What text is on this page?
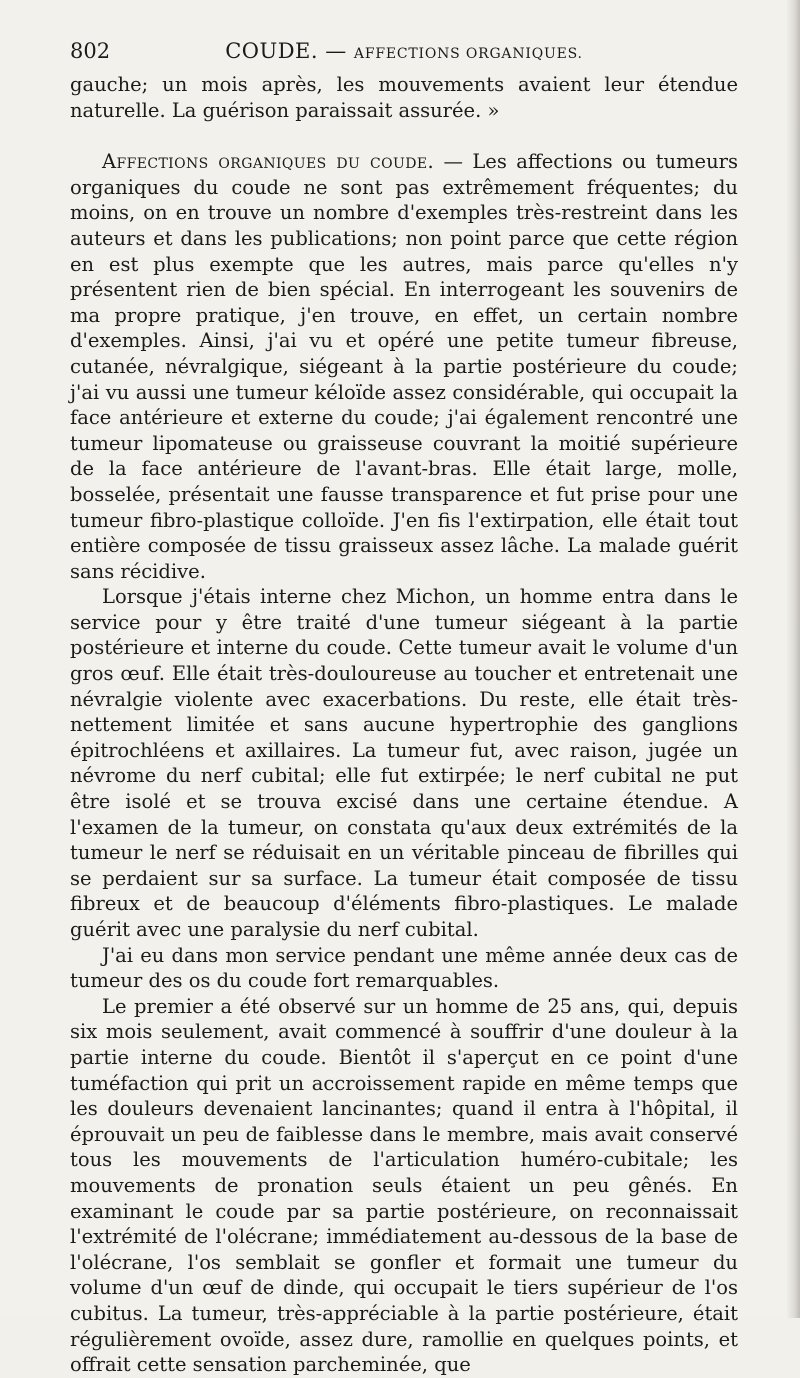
802	COUDE. — AFFECTIONS ORGANIQUES.

gauche; un mois après, les mouvements avaient leur étendue naturelle. La guérison paraissait assurée. »

Affections organiques du coude. — Les affections ou tumeurs organiques du coude ne sont pas extrêmement fréquentes; du moins, on en trouve un nombre d'exemples très-restreint dans les auteurs et dans les publications; non point parce que cette région en est plus exempte que les autres, mais parce qu'elles n'y présentent rien de bien spécial. En interrogeant les souvenirs de ma propre pratique, j'en trouve, en effet, un certain nombre d'exemples. Ainsi, j'ai vu et opéré une petite tumeur fibreuse, cutanée, névralgique, siégeant à la partie postérieure du coude; j'ai vu aussi une tumeur kéloïde assez considérable, qui occupait la face antérieure et externe du coude; j'ai également rencontré une tumeur lipomateuse ou graisseuse couvrant la moitié supérieure de la face antérieure de l'avant-bras. Elle était large, molle, bosselée, présentait une fausse transparence et fut prise pour une tumeur fibro-plastique colloïde. J'en fis l'extirpation, elle était tout entière composée de tissu graisseux assez lâche. La malade guérit sans récidive.

Lorsque j'étais interne chez Michon, un homme entra dans le service pour y être traité d'une tumeur siégeant à la partie postérieure et interne du coude. Cette tumeur avait le volume d'un gros œuf. Elle était très-douloureuse au toucher et entretenait une névralgie violente avec exacerbations. Du reste, elle était très-nettement limitée et sans aucune hypertrophie des ganglions épitrochléens et axillaires. La tumeur fut, avec raison, jugée un névrome du nerf cubital; elle fut extirpée; le nerf cubital ne put être isolé et se trouva excisé dans une certaine étendue. A l'examen de la tumeur, on constata qu'aux deux extrémités de la tumeur le nerf se réduisait en un véritable pinceau de fibrilles qui se perdaient sur sa surface. La tumeur était composée de tissu fibreux et de beaucoup d'éléments fibro-plastiques. Le malade guérit avec une paralysie du nerf cubital.

J'ai eu dans mon service pendant une même année deux cas de tumeur des os du coude fort remarquables.

Le premier a été observé sur un homme de 25 ans, qui, depuis six mois seulement, avait commencé à souffrir d'une douleur à la partie interne du coude. Bientôt il s'aperçut en ce point d'une tuméfaction qui prit un accroissement rapide en même temps que les douleurs devenaient lancinantes; quand il entra à l'hôpital, il éprouvait un peu de faiblesse dans le membre, mais avait conservé tous les mouvements de l'articulation huméro-cubitale; les mouvements de pronation seuls étaient un peu gênés. En examinant le coude par sa partie postérieure, on reconnaissait l'extrémité de l'olécrane; immédiatement au-dessous de la base de l'olécrane, l'os semblait se gonfler et formait une tumeur du volume d'un œuf de dinde, qui occupait le tiers supérieur de l'os cubitus. La tumeur, très-appréciable à la partie postérieure, était régulièrement ovoïde, assez dure, ramollie en quelques points, et offrait cette sensation parcheminée, que
